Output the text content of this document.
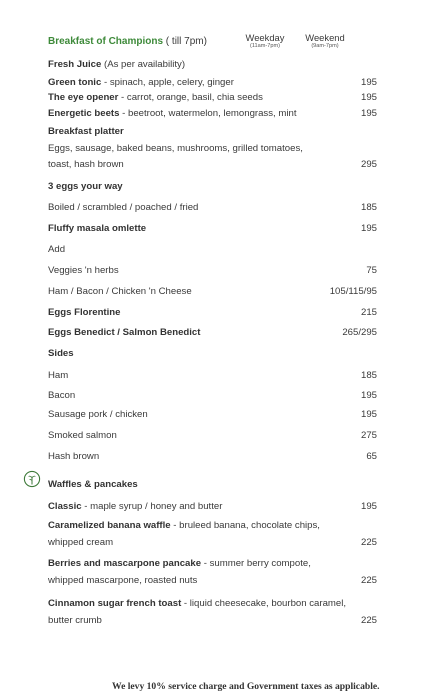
Breakfast of Champions ( till 7pm)	Weekday
(11am-7pm)
Weekend
(9am-7pm)
Fresh Juice (As per availability)
Green tonic - spinach, apple, celery, ginger	195
The eye opener - carrot, orange, basil, chia seeds	195
Energetic beets - beetroot, watermelon, lemongrass, mint	195
Breakfast platter
Eggs, sausage, baked beans, mushrooms, grilled tomatoes,
toast, hash brown	295
3 eggs your way
Boiled / scrambled / poached / fried	185
Fluffy masala omlette	195
Add
Veggies 'n herbs	75
Ham / Bacon / Chicken 'n Cheese	105/115/95
Eggs Florentine	215
Eggs Benedict / Salmon Benedict	265/295
Sides
Ham	185
Bacon	195
Sausage pork / chicken	195
Smoked salmon	275
Hash brown	65
Waffles & pancakes
Classic - maple syrup / honey and butter	195
Caramelized banana waffle - bruleed banana, chocolate chips,
whipped cream	225
Berries and mascarpone pancake - summer berry compote,
whipped mascarpone, roasted nuts	225
Cinnamon sugar french toast - liquid cheesecake, bourbon caramel,
butter crumb	225
We levy 10% service charge and Government taxes as applicable.
